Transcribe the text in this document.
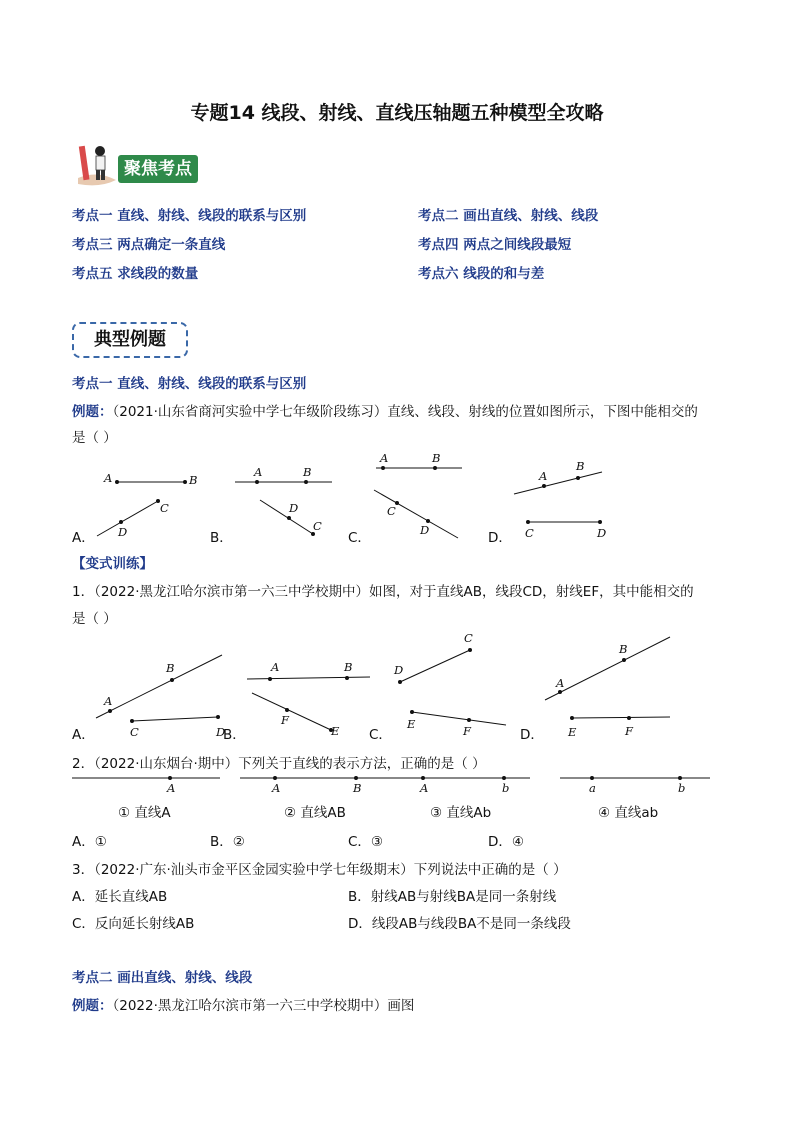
专题14 线段、射线、直线压轴题五种模型全攻略
聚焦考点
考点一 直线、射线、线段的联系与区别	考点二 画出直线、射线、线段
考点三 两点确定一条直线	考点四 两点之间线段最短
考点五 求线段的数量	考点六 线段的和与差
典型例题
考点一 直线、射线、线段的联系与区别
例题：（2021·山东省商河实验中学七年级阶段练习）直线、线段、射线的位置如图所示，下图中能相交的
是（ ）
A	B
D
C
A	B
D
C
A	B
C
D
A
B
C	D
A．	B．	C．	D．
【变式训练】
1．（2022·黑龙江哈尔滨市第一六三中学校期中）如图，对于直线AB，线段CD，射线EF，其中能相交的
是（ ）
A
B
C	D
A	B
F
E
D
C
E	F
A
B
E	F
A．	B．	C．	D．
2．（2022·山东烟台·期中）下列关于直线的表示方法，正确的是（ ）
A	A	B	A	b	a	b
① 直线A	② 直线AB	③ 直线Ab	④ 直线ab
A．①	B．②	C．③	D．④
3．（2022·广东·汕头市金平区金园实验中学七年级期末）下列说法中正确的是（ ）
A．延长直线AB	B．射线AB与射线BA是同一条射线
C．反向延长射线AB	D．线段AB与线段BA不是同一条线段
考点二 画出直线、射线、线段
例题：（2022·黑龙江哈尔滨市第一六三中学校期中）画图
